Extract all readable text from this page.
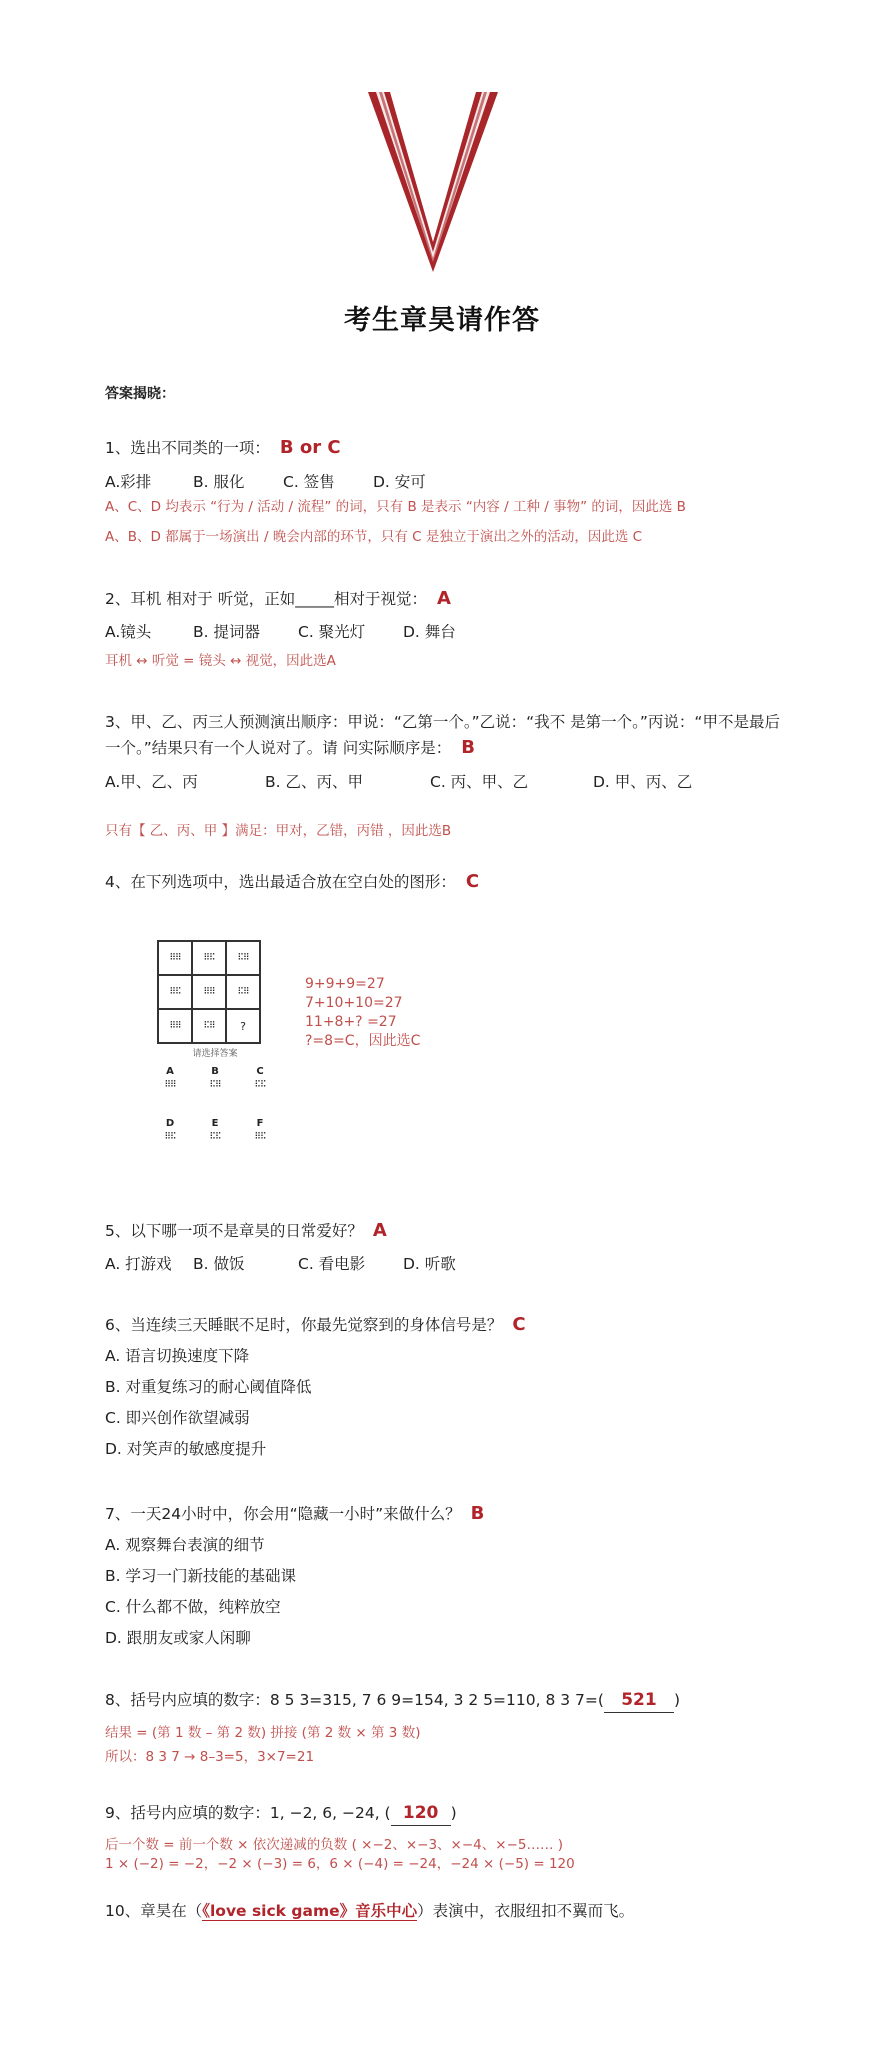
考生章昊请作答
答案揭晓：
1、选出不同类的一项： B or C
A.彩排	B. 服化 C. 签售 D. 安可
A、C、D 均表示 “行为 / 活动 / 流程” 的词，只有 B 是表示 “内容 / 工种 / 事物” 的词，因此选 B
A、B、D 都属于一场演出 / 晚会内部的环节，只有 C 是独立于演出之外的活动，因此选 C
2、耳机 相对于 听觉，正如_____相对于视觉： A
A.镜头	B. 提词器 C. 聚光灯 D. 舞台
耳机 ↔ 听觉 = 镜头 ↔ 视觉，因此选A
3、甲、乙、丙三人预测演出顺序：甲说：“乙第一个。”乙说：“我不 是第一个。”丙说：“甲不是最后一个。”结果只有一个人说对了。请 问实际顺序是： B
A.甲、乙、丙	B. 乙、丙、甲	C. 丙、甲、乙	D. 甲、丙、乙
只有【 乙、丙、甲 】满足：甲对，乙错，丙错 ，因此选B
4、在下列选项中，选出最适合放在空白处的图形： C
⠿⠿	⠿⠯	⠯⠿
⠿⠯	⠿⠿	⠯⠿
⠿⠿	⠯⠿ ?
请选择答案
A
⠿⠿
B
⠯⠿
C
⠯⠯
D
⠿⠯
E
⠯⠯
F
⠿⠯
9+9+9=27
7+10+10=27
11+8+? =27
?=8=C，因此选C
5、以下哪一项不是章昊的日常爱好？ A
A. 打游戏 B. 做饭	C. 看电影 D. 听歌
6、当连续三天睡眠不足时，你最先觉察到的身体信号是？ C
A. 语言切换速度下降
B. 对重复练习的耐心阈值降低
C. 即兴创作欲望减弱
D. 对笑声的敏感度提升
7、一天24小时中，你会用“隐藏一小时”来做什么？ B
A. 观察舞台表演的细节
B. 学习一门新技能的基础课
C. 什么都不做，纯粹放空
D. 跟朋友或家人闲聊
8、括号内应填的数字：8 5 3=315, 7 6 9=154, 3 2 5=110, 8 3 7=( 521 )
结果 = (第 1 数 – 第 2 数) 拼接 (第 2 数 × 第 3 数)
所以：8 3 7 → 8–3=5，3×7=21
9、括号内应填的数字：1, −2, 6, −24, ( 120 )
后一个数 = 前一个数 × 依次递减的负数 ( ×−2、×−3、×−4、×−5…… )
1 × (−2) = −2，−2 × (−3) = 6，6 × (−4) = −24，−24 × (−5) = 120
10、章昊在（《love sick game》音乐中心）表演中，衣服纽扣不翼而飞。
